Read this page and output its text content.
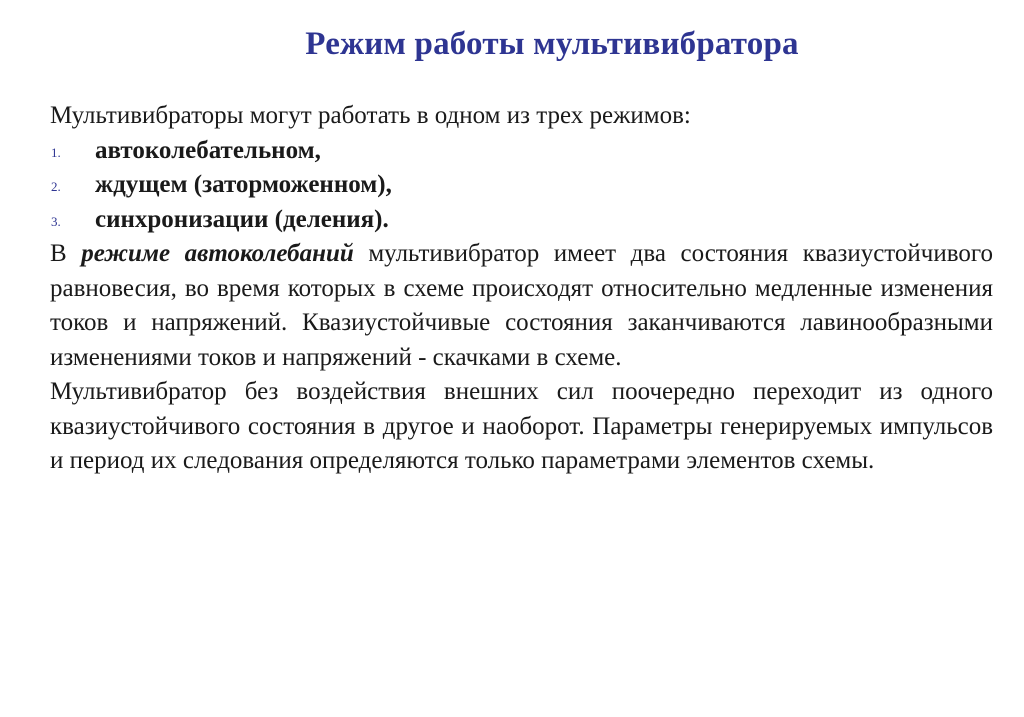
Режим работы мультивибратора

Мультивибраторы могут работать в одном из трех режимов:

1. автоколебательном,
2. ждущем (заторможенном),
3. синхронизации (деления).

В режиме автоколебаний мультивибратор имеет два состояния квазиустойчивого равновесия, во время которых в схеме происходят относительно медленные изменения токов и напряжений. Квазиустойчивые состояния заканчиваются лавинообразными изменениями токов и напряжений - скачками в схеме.

Мультивибратор без воздействия внешних сил поочередно переходит из одного квазиустойчивого состояния в другое и наоборот. Параметры генерируемых импульсов и период их следования определяются только параметрами элементов схемы.
